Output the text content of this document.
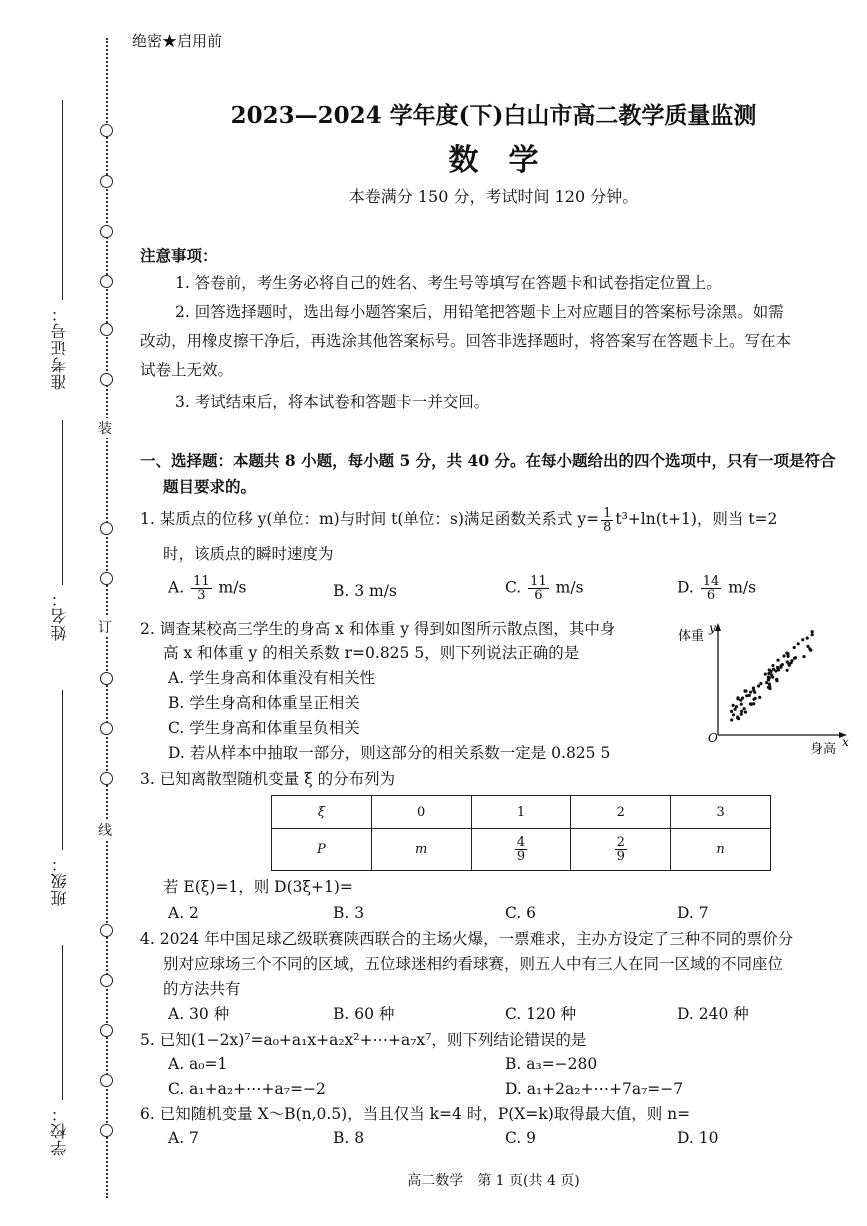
绝密★启用前
装
订
线
准考证号：
姓名：
班级：
学校：
2023—2024 学年度(下)白山市高二教学质量监测
数　学
本卷满分 150 分，考试时间 120 分钟。
注意事项：
1. 答卷前，考生务必将自己的姓名、考生号等填写在答题卡和试卷指定位置上。
2. 回答选择题时，选出每小题答案后，用铅笔把答题卡上对应题目的答案标号涂黑。如需
改动，用橡皮擦干净后，再选涂其他答案标号。回答非选择题时，将答案写在答题卡上。写在本
试卷上无效。
3. 考试结束后，将本试卷和答题卡一并交回。
一、选择题：本题共 8 小题，每小题 5 分，共 40 分。在每小题给出的四个选项中，只有一项是符合
题目要求的。
1. 某质点的位移 y(单位：m)与时间 t(单位：s)满足函数关系式 $y= \frac{1}{8} t^3+\ln(t+1)$，则当 t=2
时，该质点的瞬时速度为
A. $\frac{11}{3} m/s$	B. 3 m/s	C. $\frac{11}{6} m/s$	D. $\frac{14}{6} m/s$
2. 调查某校高三学生的身高 x 和体重 y 得到如图所示散点图，其中身
高 x 和体重 y 的相关系数 r=0.825 5，则下列说法正确的是
A. 学生身高和体重没有相关性
B. 学生身高和体重呈正相关
C. 学生身高和体重呈负相关
D. 若从样本中抽取一部分，则这部分的相关系数一定是 0.825 5
体重
y
O
身高 x
3. 已知离散型随机变量 ξ 的分布列为
ξ	0	1	2	3
P	m	$\frac{4}{9}$	$\frac{2}{9}$	n
若 E(ξ)=1，则 D(3ξ+1)=
A. 2	B. 3	C. 6	D. 7
4. 2024 年中国足球乙级联赛陕西联合的主场火爆，一票难求，主办方设定了三种不同的票价分
别对应球场三个不同的区域，五位球迷相约看球赛，则五人中有三人在同一区域的不同座位
的方法共有
A. 30 种	B. 60 种	C. 120 种	D. 240 种
5. 已知(1−2x)⁷=a₀+a₁x+a₂x²+⋯+a₇x⁷，则下列结论错误的是
A. a₀=1	B. a₃=−280
C. a₁+a₂+⋯+a₇=−2	D. a₁+2a₂+⋯+7a₇=−7
6. 已知随机变量 X～B(n,0.5)，当且仅当 k=4 时，P(X=k)取得最大值，则 n=
A. 7	B. 8	C. 9	D. 10
高二数学　第 1 页(共 4 页)
